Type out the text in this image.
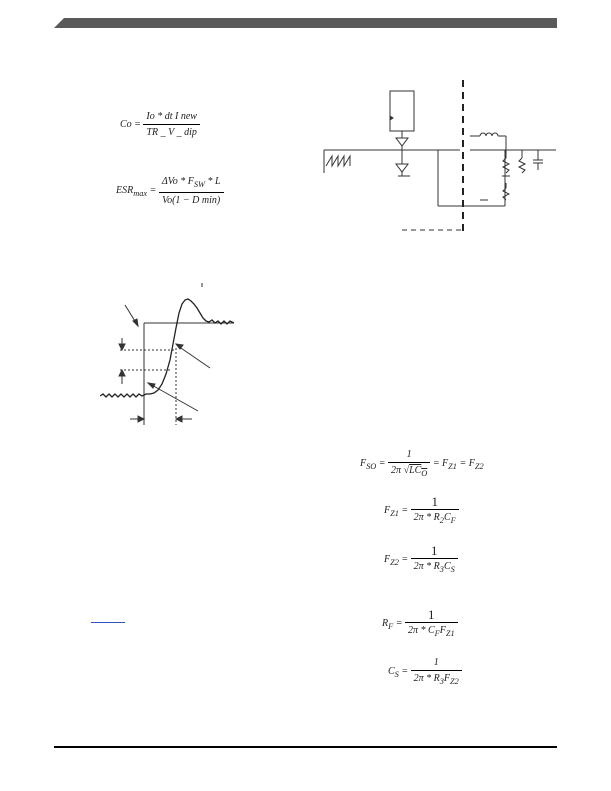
$Co = \frac{\text{Io * dt I new}}{\text{TR \_ V \_ dip}}$
$ESR_{max} = \frac{\Delta Vo * F_{SW} * L}{\text{Vo(1 − D min)}}$
$F_{SO} = \frac{1}{2\pi √LC_O} = F_{Z1} = F_{Z2}$
$F_{Z1} = \frac{1}{2\pi * R_2C_F}$
$F_{Z2} = \frac{1}{2\pi * R_3C_S}$
$R_F = \frac{1}{2\pi * C_FF_{Z1}}$
$C_S = \frac{1}{2\pi * R_3F_{Z2}}$
